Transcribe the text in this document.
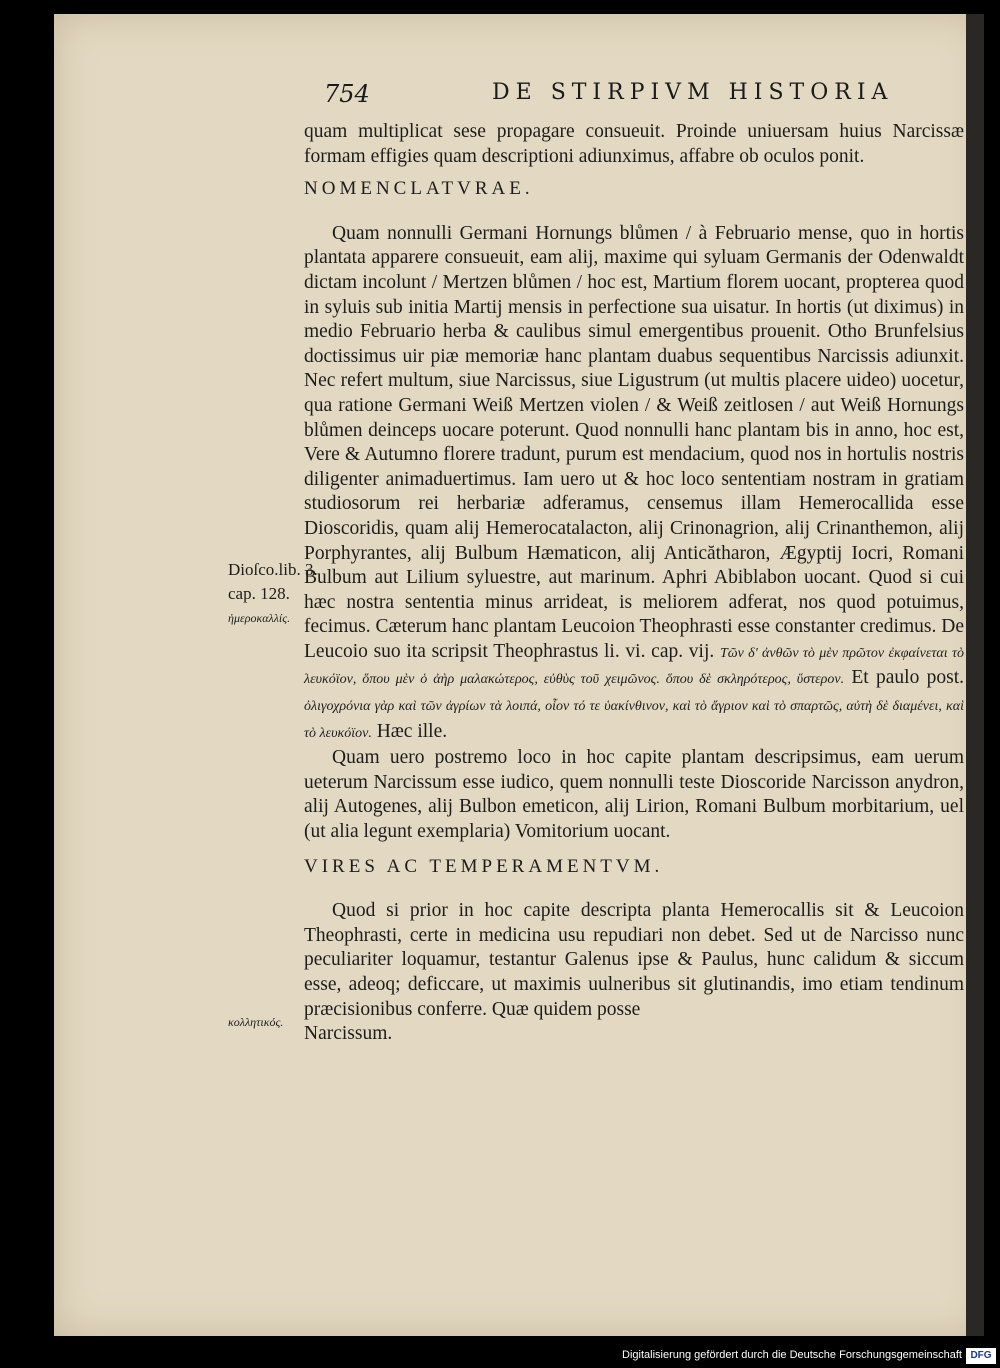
754	DE STIRPIVM HISTORIA
Dioſco.lib. 3.
cap. 128.
ἡμεροκαλλίς.
κολλητικός.

quam multiplicat sese propagare consueuit. Proinde uniuersam huius Narcissæ formam effigies quam descriptioni adiunximus, affabre ob oculos ponit.

NOMENCLATVRAE.

Quam nonnulli Germani Hornungs blůmen / à Februario mense, quo in hortis plantata apparere consueuit, eam alij, maxime qui syluam Germanis der Odenwaldt dictam incolunt / Mertzen blůmen / hoc est, Martium florem uocant, propterea quod in syluis sub initia Martij mensis in perfectione sua uisatur. In hortis (ut diximus) in medio Februario herba & caulibus simul emergentibus prouenit. Otho Brunfelsius doctissimus uir piæ memoriæ hanc plantam duabus sequentibus Narcissis adiunxit. Nec refert multum, siue Narcissus, siue Ligustrum (ut multis placere uideo) uocetur, qua ratione Germani Weiß Mertzen violen / & Weiß zeitlosen / aut Weiß Hornungs blůmen deinceps uocare poterunt. Quod nonnulli hanc plantam bis in anno, hoc est, Vere & Autumno florere tradunt, purum est mendacium, quod nos in hortulis nostris diligenter animaduertimus. Iam uero ut & hoc loco sententiam nostram in gratiam studiosorum rei herbariæ adferamus, censemus illam Hemerocallida esse Dioscoridis, quam alij Hemerocatalacton, alij Crinonagrion, alij Crinanthemon, alij Porphyrantes, alij Bulbum Hæmaticon, alij Anticătharon, Ægyptij Iocri, Romani Bulbum aut Lilium syluestre, aut marinum. Aphri Abiblabon uocant. Quod si cui hæc nostra sententia minus arrideat, is meliorem adferat, nos quod potuimus, fecimus. Cæterum hanc plantam Leucoion Theophrasti esse constanter credimus. De Leucoio suo ita scripsit Theophrastus li. vi. cap. vij. Τῶν δ' ἀνθῶν τὸ μὲν πρῶτον ἐκφαίνεται τὸ λευκόϊον, ὅπου μὲν ὁ ἀὴρ μαλακώτερος, εὐθὺς τοῦ χειμῶνος. ὅπου δὲ σκληρότερος, ὕστερον. Et paulo post. ὀλιγοχρόνια γὰρ καὶ τῶν ἀγρίων τὰ λοιπά, οἷον τό τε ὑακίνθινον, καὶ τὸ ἄγριον καὶ τὸ σπαρτῶς, αὐτὴ δὲ διαμένει, καὶ τὸ λευκόϊον. Hæc ille.

Quam uero postremo loco in hoc capite plantam descripsimus, eam uerum ueterum Narcissum esse iudico, quem nonnulli teste Dioscoride Narcisson anydron, alij Autogenes, alij Bulbon emeticon, alij Lirion, Romani Bulbum morbitarium, uel (ut alia legunt exemplaria) Vomitorium uocant.

VIRES AC TEMPERAMENTVM.

Quod si prior in hoc capite descripta planta Hemerocallis sit & Leucoion Theophrasti, certe in medicina usu repudiari non debet. Sed ut de Narcisso nunc peculiariter loquamur, testantur Galenus ipse & Paulus, hunc calidum & siccum esse, adeoq; deficcare, ut maximis uulneribus sit glutinandis, imo etiam tendinum præcisionibus conferre. Quæ quidem posse

Narcissum.

Digitalisierung gefördert durch die Deutsche Forschungsgemeinschaft DFG
